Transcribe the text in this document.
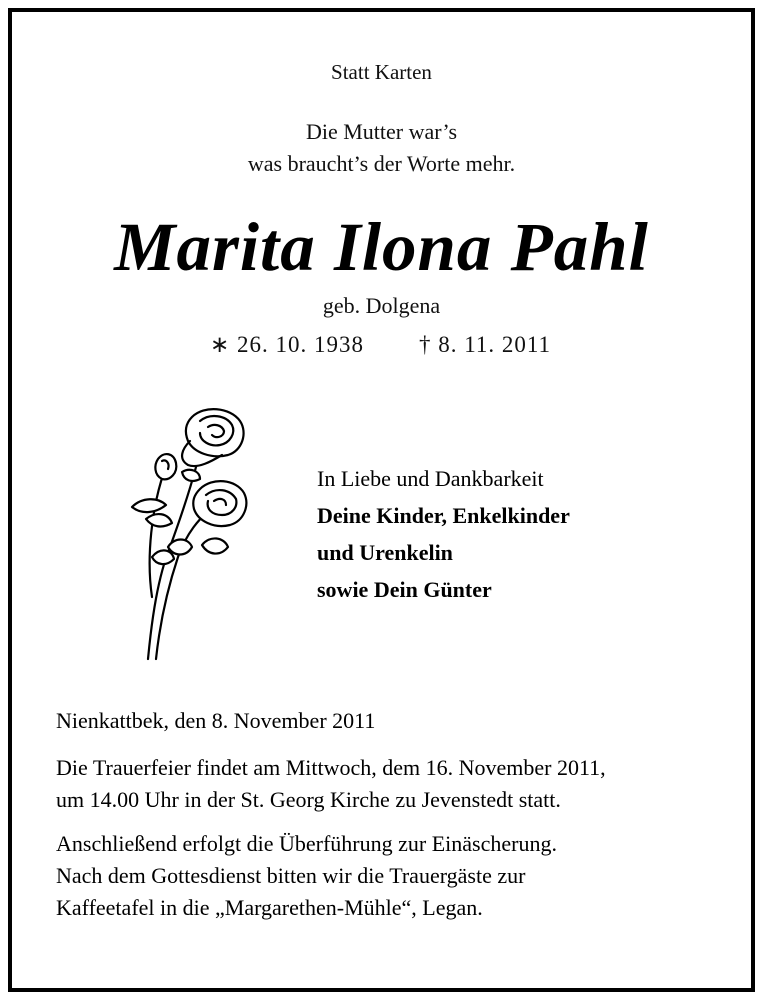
Statt Karten
Die Mutter war’s
was braucht’s der Worte mehr.
Marita Ilona Pahl
geb. Dolgena
∗ 26. 10. 1938 † 8. 11. 2011
In Liebe und Dankbarkeit
Deine Kinder, Enkelkinder
und Urenkelin
sowie Dein Günter
Nienkattbek, den 8. November 2011
Die Trauerfeier findet am Mittwoch, dem 16. November 2011,
um 14.00 Uhr in der St. Georg Kirche zu Jevenstedt statt.
Anschließend erfolgt die Überführung zur Einäscherung.
Nach dem Gottesdienst bitten wir die Trauergäste zur
Kaffeetafel in die „Margarethen-Mühle“, Legan.
